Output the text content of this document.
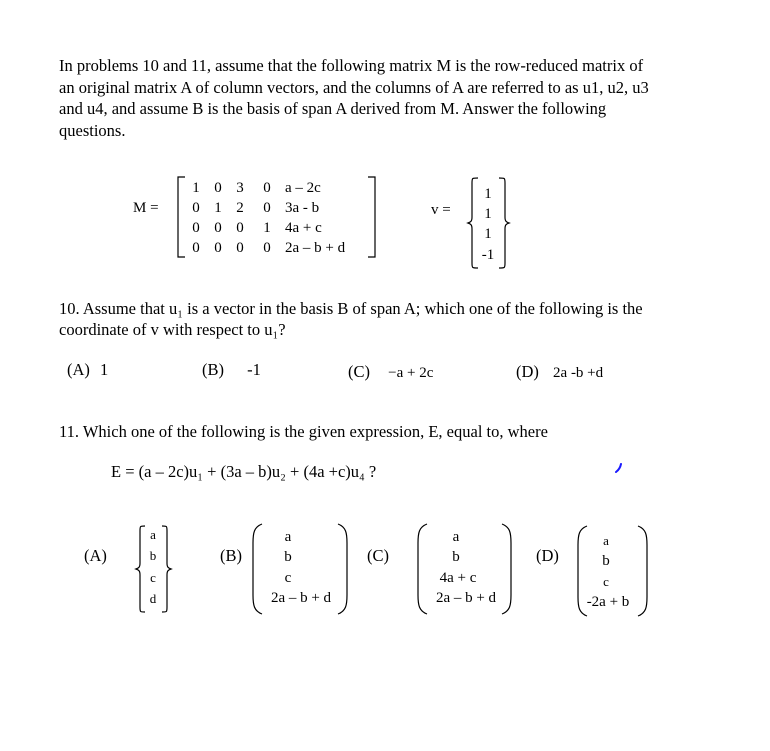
In problems 10 and 11, assume that the following matrix M is the row-reduced matrix of
an original matrix A of column vectors, and the columns of A are referred to as u1, u2, u3
and u4, and assume B is the basis of span A derived from M. Answer the following
questions.
M =
1 0 3 0 a – 2c
0 1 2 0 3a - b
0 0 0 1 4a + c
0 0 0 0 2a – b + d
v =
1
1
1
-1
10. Assume that u₁ is a vector in the basis B of span A; which one of the following is the
coordinate of v with respect to u₁?
(A) 1	(B) -1	(C) −a + 2c	(D) 2a -b +d
11. Which one of the following is the given expression, E, equal to, where
E = (a – 2c)u₁ + (3a – b)u₂ + (4a +c)u₄ ?
(A)
a
b
c
d
(B)
a
b
c
2a – b + d
(C)
a
b
4a + c
2a – b + d
(D)
a
b
c
-2a + b
